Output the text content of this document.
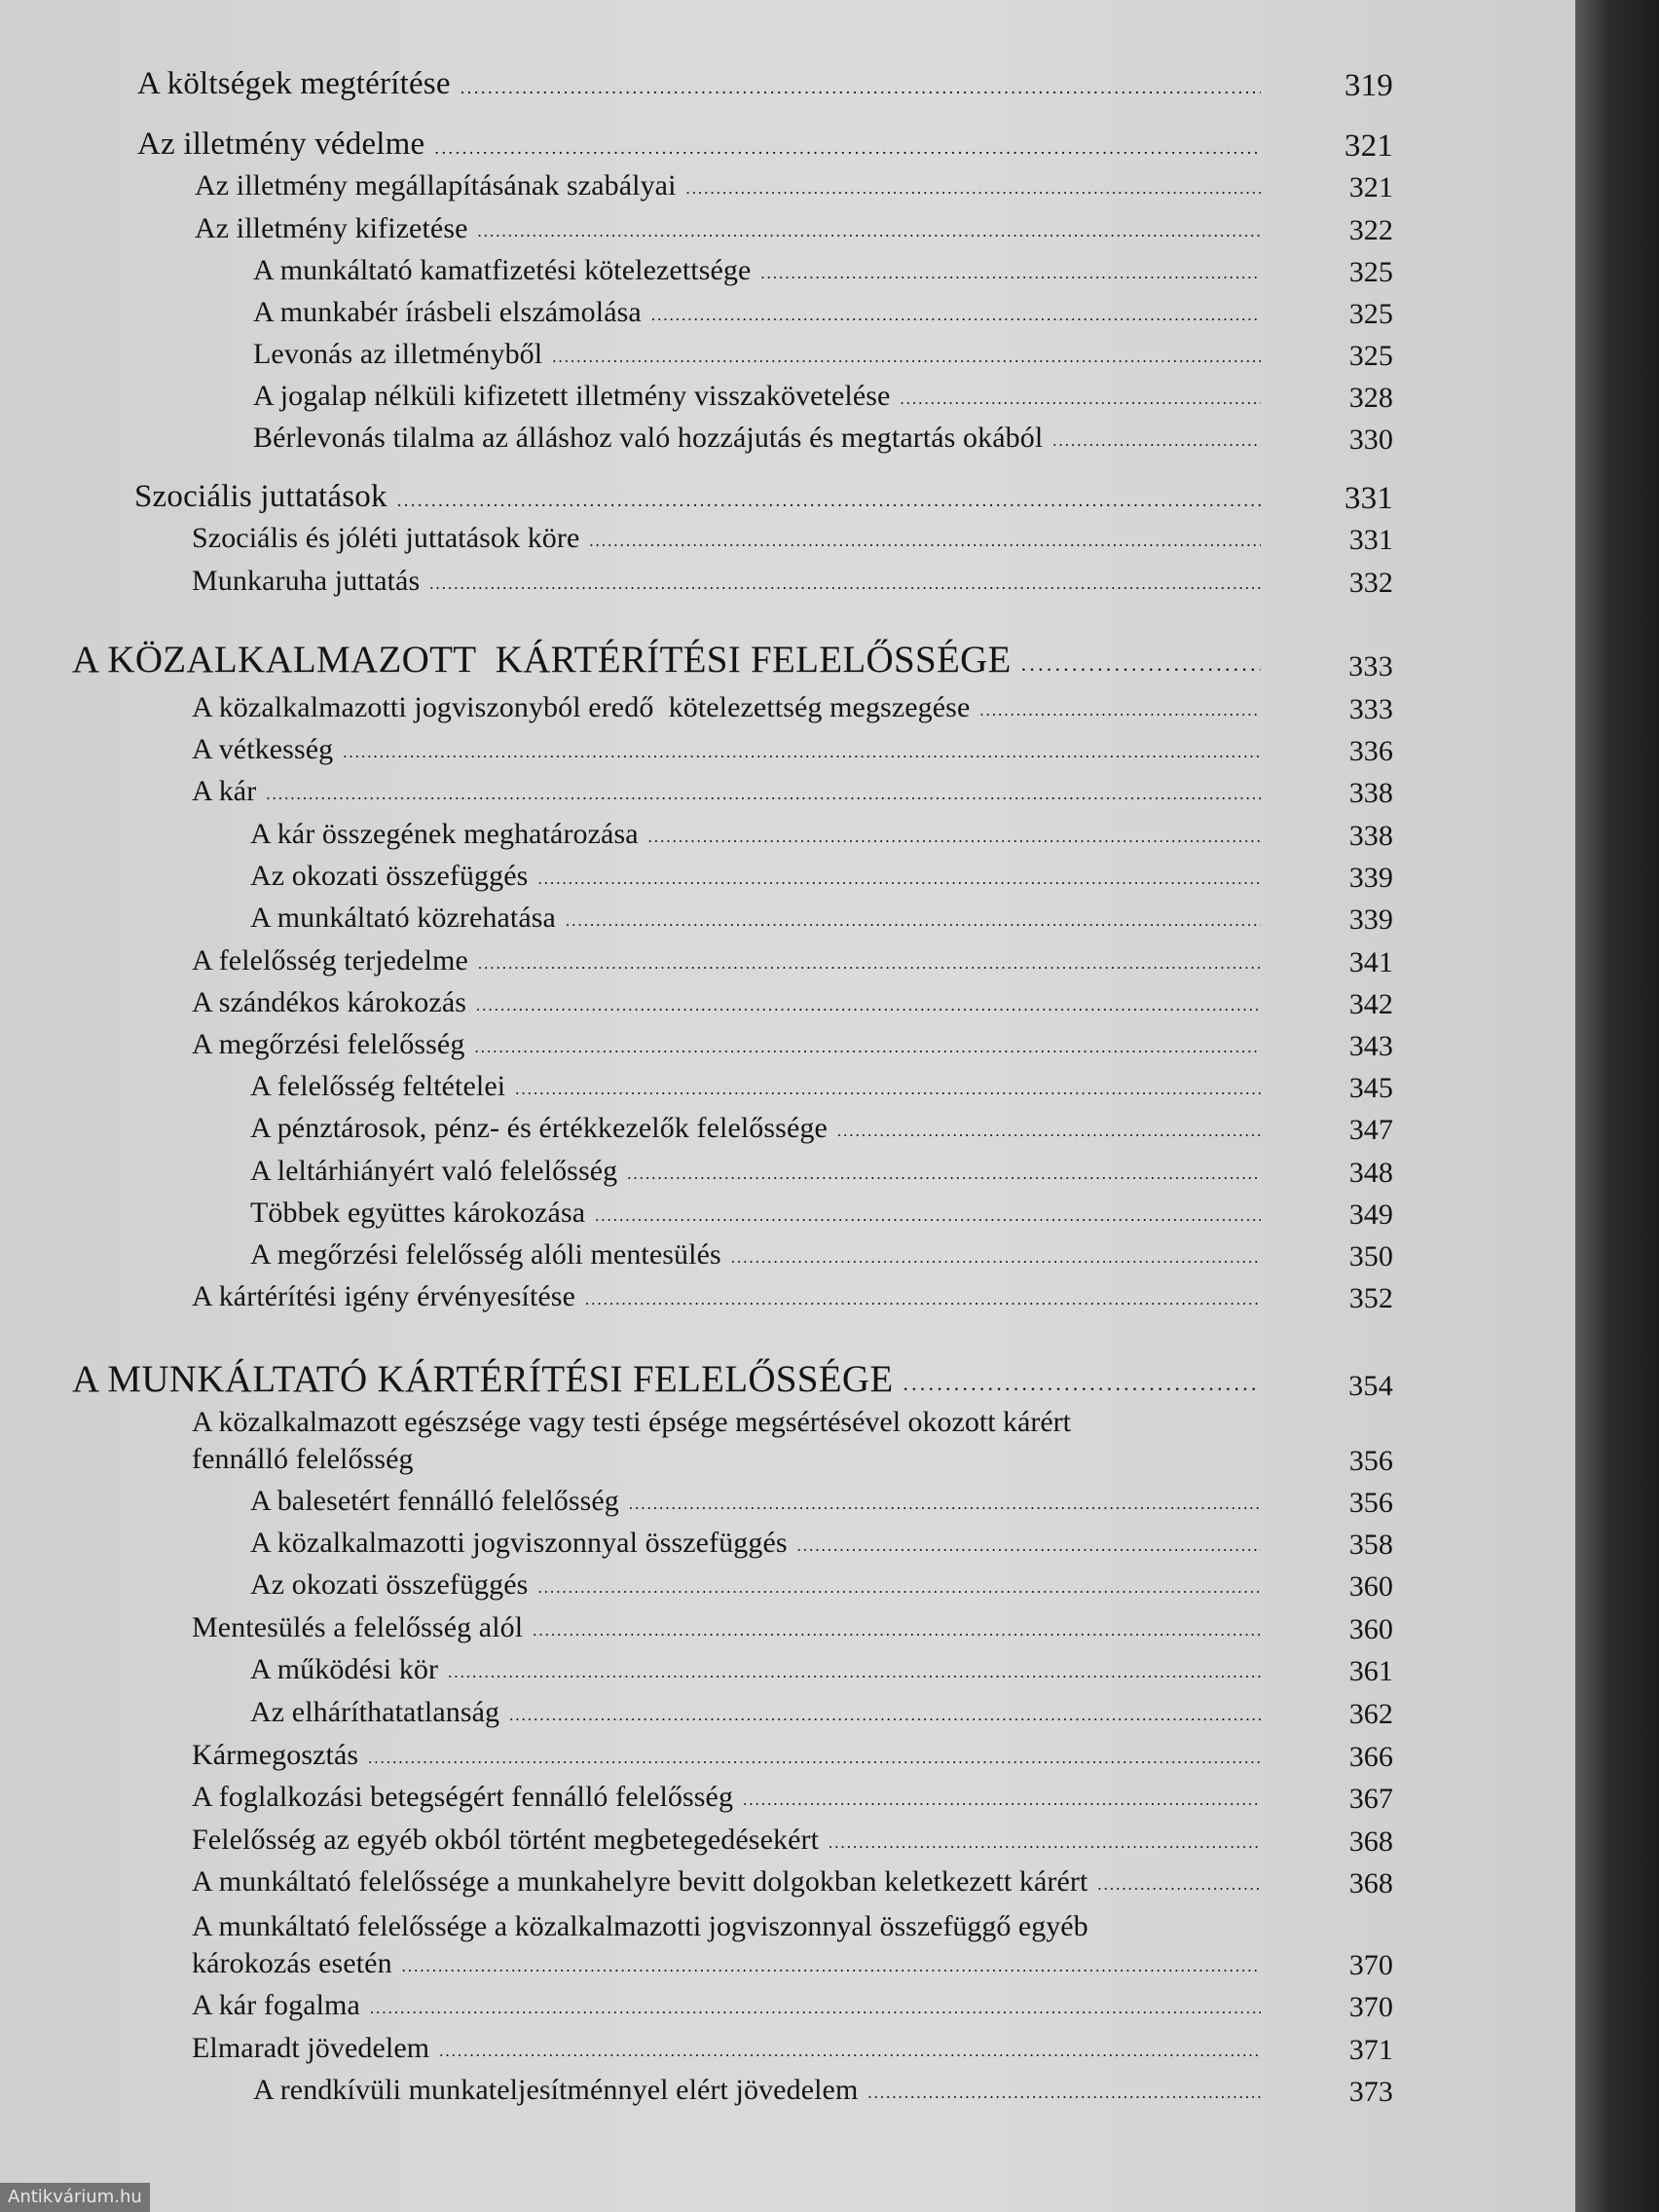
A költségek megtérítése . . .	319
Az illetmény védelme . . .	321
Az illetmény megállapításának szabályai . . .	321
Az illetmény kifizetése . . .	322
A munkáltató kamatfizetési kötelezettsége . . .	325
A munkabér írásbeli elszámolása . . .	325
Levonás az illetményből . . .	325
A jogalap nélküli kifizetett illetmény visszakövetelése . . .	328
Bérlevonás tilalma az álláshoz való hozzájutás és megtartás okából . . .	330
Szociális juttatások . . .	331
Szociális és jóléti juttatások köre . . .	331
Munkaruha juttatás . . .	332
A KÖZALKALMAZOTT  KÁRTÉRÍTÉSI FELELŐSSÉGE . . .	333
A közalkalmazotti jogviszonyból eredő  kötelezettség megszegése . . .	333
A vétkesség . . .	336
A kár . . .	338
A kár összegének meghatározása . . .	338
Az okozati összefüggés . . .	339
A munkáltató közrehatása . . .	339
A felelősség terjedelme . . .	341
A szándékos károkozás . . .	342
A megőrzési felelősség . . .	343
A felelősség feltételei . . .	345
A pénztárosok, pénz- és értékkezelők felelőssége . . .	347
A leltárhiányért való felelősség . . .	348
Többek együttes károkozása . . .	349
A megőrzési felelősség alóli mentesülés . . .	350
A kártérítési igény érvényesítése . . .	352
A MUNKÁLTATÓ KÁRTÉRÍTÉSI FELELŐSSÉGE . . .	354
A közalkalmazott egészsége vagy testi épsége megsértésével okozott kárért
fennálló felelősség	356
A balesetért fennálló felelősség . . .	356
A közalkalmazotti jogviszonnyal összefüggés . . .	358
Az okozati összefüggés . . .	360
Mentesülés a felelősség alól . . .	360
A működési kör . . .	361
Az elháríthatatlanság . . .	362
Kármegosztás . . .	366
A foglalkozási betegségért fennálló felelősség . . .	367
Felelősség az egyéb okból történt megbetegedésekért . . .	368
A munkáltató felelőssége a munkahelyre bevitt dolgokban keletkezett kárért . . .	368
A munkáltató felelőssége a közalkalmazotti jogviszonnyal összefüggő egyéb
károkozás esetén . . .	370
A kár fogalma . . .	370
Elmaradt jövedelem . . .	371
A rendkívüli munkateljesítménnyel elért jövedelem . . .	373
Antikvárium.hu
